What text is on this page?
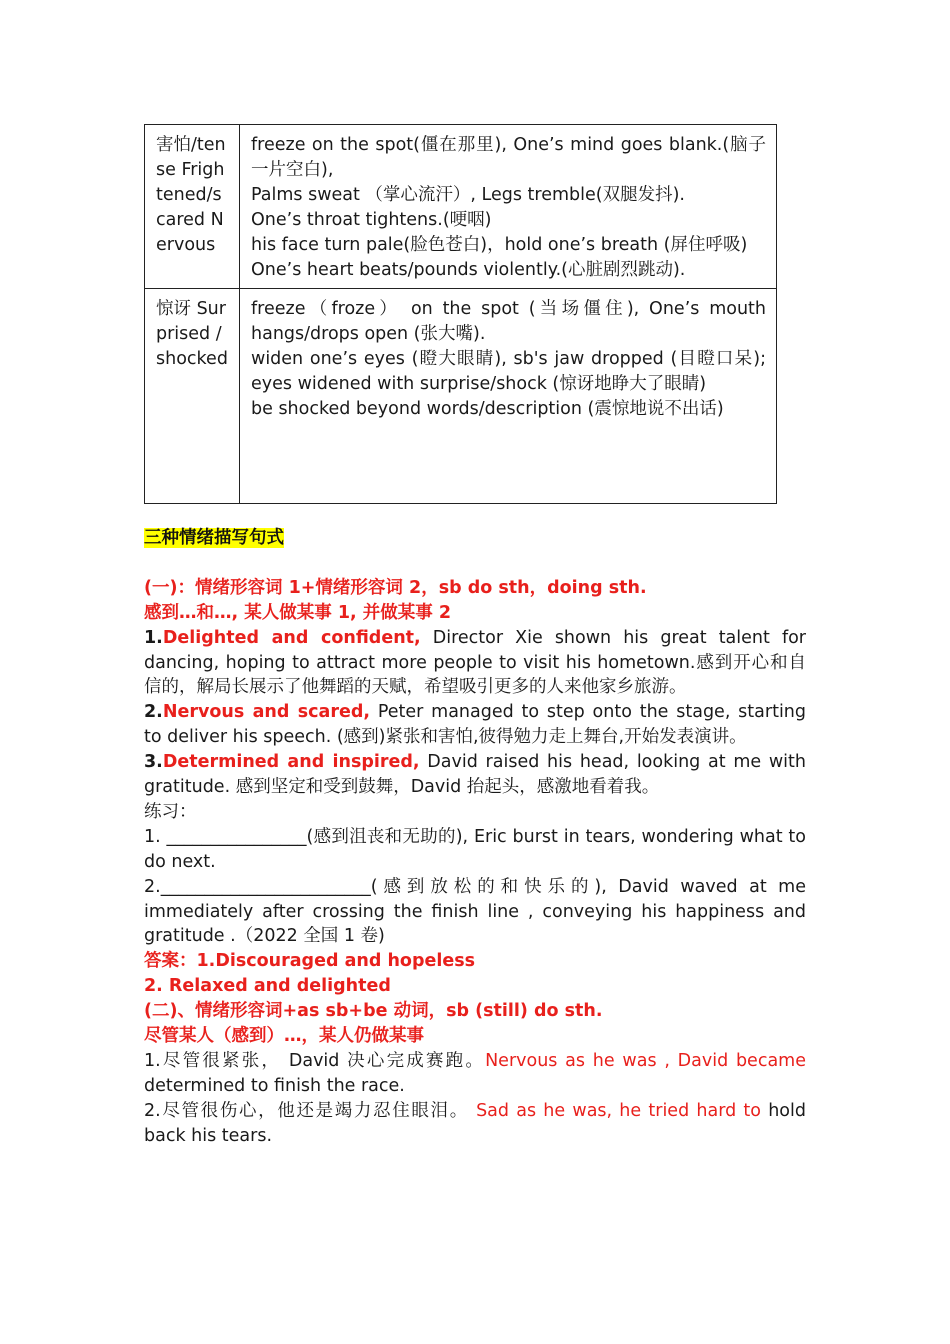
害怕/tense Frightened/scared Nervous	freeze on the spot(僵在那里), One’s mind goes blank.(脑子一片空白),
Palms sweat （掌心流汗）, Legs tremble(双腿发抖).
One’s throat tightens.(哽咽)
his face turn pale(脸色苍白)，hold one’s breath (屏住呼吸)
One’s heart beats/pounds violently.(心脏剧烈跳动).

惊讶 Surprised / shocked	freeze（froze） on the spot (当场僵住), One’s mouth hangs/drops open (张大嘴).
widen one’s eyes (瞪大眼睛), sb's jaw dropped (目瞪口呆); eyes widened with surprise/shock (惊讶地睁大了眼睛)
be shocked beyond words/description (震惊地说不出话)
三种情绪描写句式
(一)：情绪形容词 1+情绪形容词 2，sb do sth，doing sth.
感到…和…, 某人做某事 1, 并做某事 2
1.Delighted and confident, Director Xie shown his great talent for dancing, hoping to attract more people to visit his hometown.感到开心和自信的，解局长展示了他舞蹈的天赋，希望吸引更多的人来他家乡旅游。
2.Nervous and scared, Peter managed to step onto the stage, starting to deliver his speech. (感到)紧张和害怕,彼得勉力走上舞台,开始发表演讲。
3.Determined and inspired, David raised his head, looking at me with gratitude. 感到坚定和受到鼓舞，David 抬起头，感激地看着我。
练习：
1. ________________(感到沮丧和无助的), Eric burst in tears, wondering what to do next.
2.________________________(感到放松的和快乐的), David waved at me immediately after crossing the finish line , conveying his happiness and gratitude .（2022 全国 1 卷)
答案：1.Discouraged and hopeless
2. Relaxed and delighted
(二)、情绪形容词+as sb+be 动词，sb (still) do sth.
尽管某人（感到）…，某人仍做某事
1.尽管很紧张， David 决心完成赛跑。Nervous as he was , David became determined to finish the race.
2.尽管很伤心，他还是竭力忍住眼泪。 Sad as he was, he tried hard to hold back his tears.
